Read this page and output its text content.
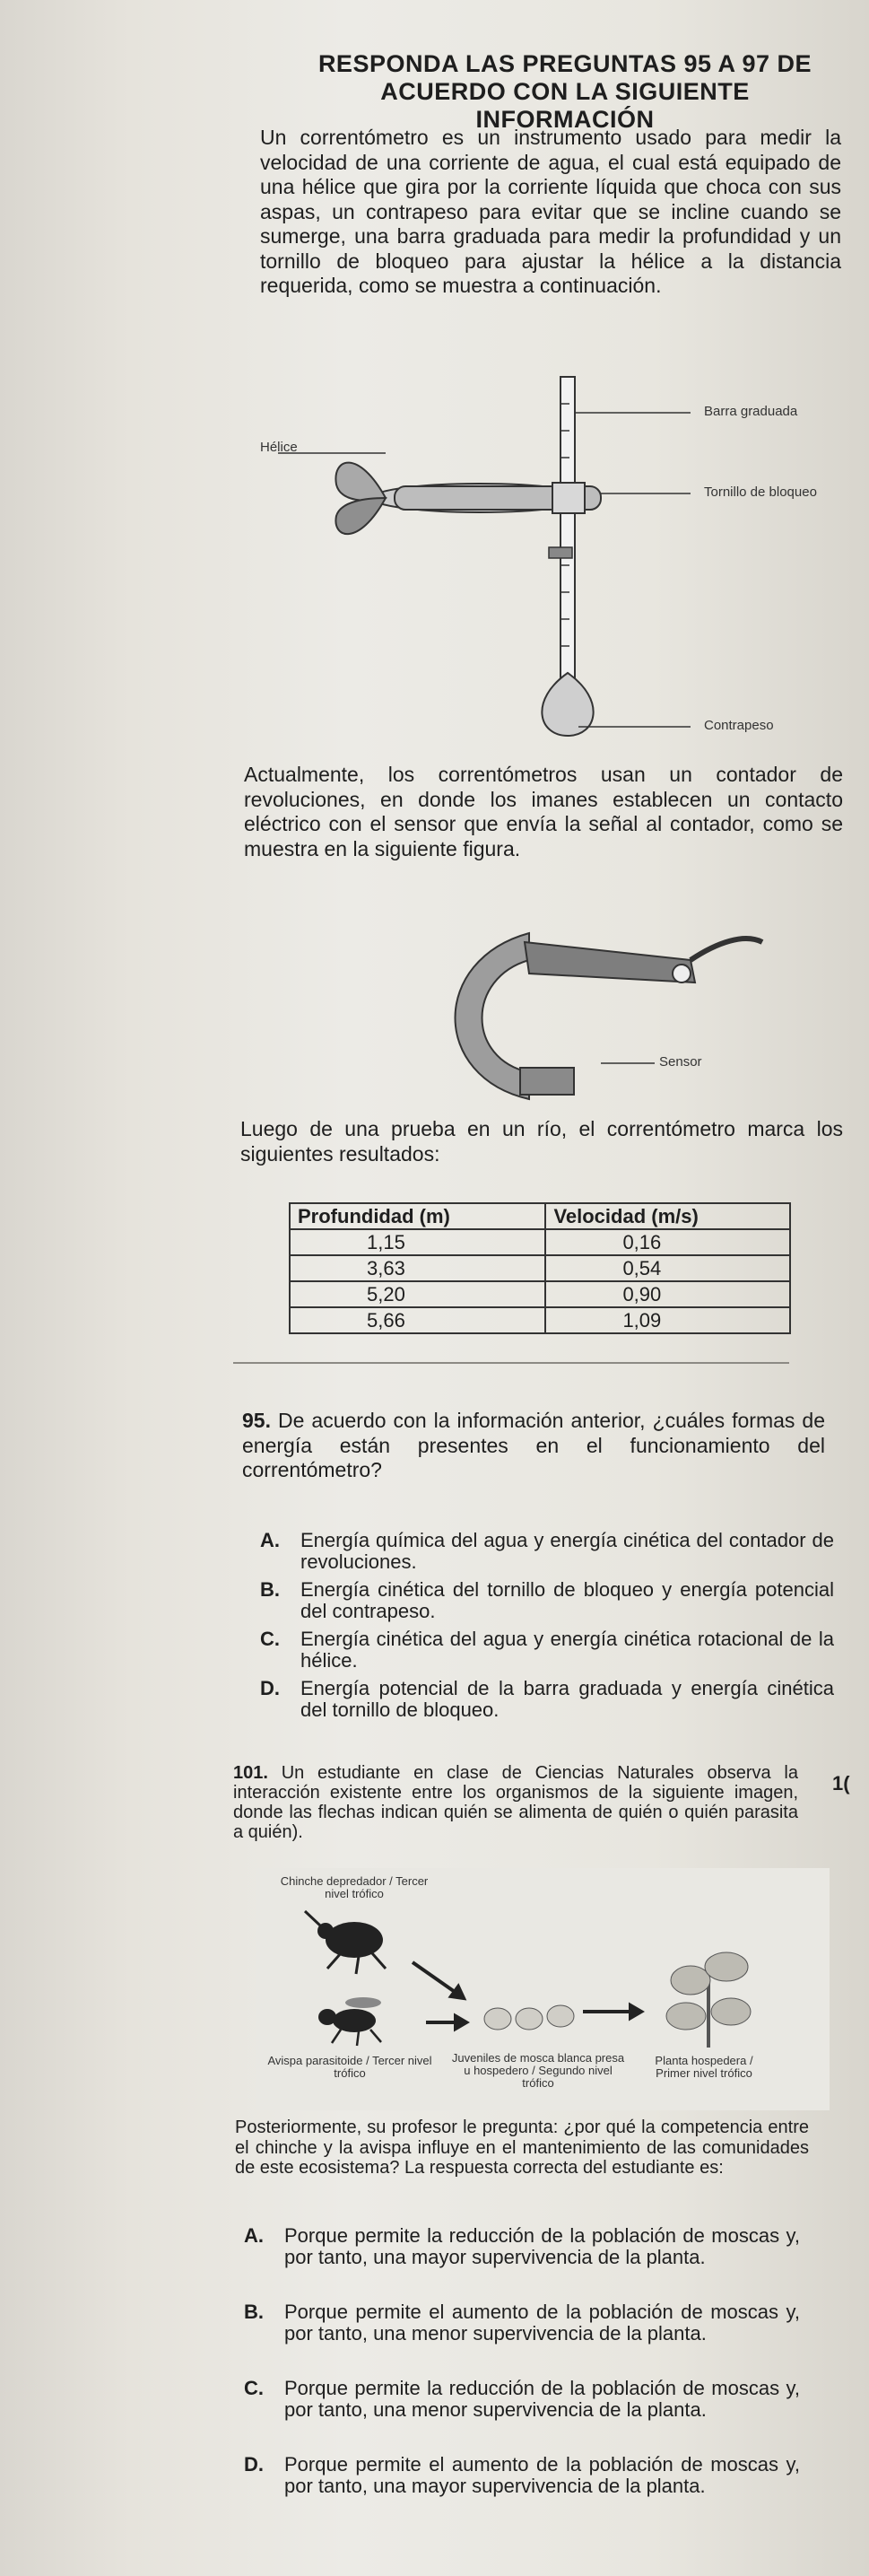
RESPONDA LAS PREGUNTAS 95 A 97 DE
ACUERDO CON LA SIGUIENTE INFORMACIÓN
Un correntómetro es un instrumento usado para medir la velocidad de una corriente de agua, el cual está equipado de una hélice que gira por la corriente líquida que choca con sus aspas, un contrapeso para evitar que se incline cuando se sumerge, una barra graduada para medir la profundidad y un tornillo de bloqueo para ajustar la hélice a la distancia requerida, como se muestra a continuación.
Barra graduada
Hélice
Tornillo de bloqueo
Contrapeso
Actualmente, los correntómetros usan un contador de revoluciones, en donde los imanes establecen un contacto eléctrico con el sensor que envía la señal al contador, como se muestra en la siguiente figura.
Sensor
Luego de una prueba en un río, el correntómetro marca los siguientes resultados:
Profundidad (m)	Velocidad (m/s)
1,15	0,16
3,63	0,54
5,20	0,90
5,66	1,09
95. De acuerdo con la información anterior, ¿cuáles formas de energía están presentes en el funcionamiento del correntómetro?
A. Energía química del agua y energía cinética del contador de revoluciones.
B. Energía cinética del tornillo de bloqueo y energía potencial del contrapeso.
C. Energía cinética del agua y energía cinética rotacional de la hélice.
D. Energía potencial de la barra graduada y energía cinética del tornillo de bloqueo.
101. Un estudiante en clase de Ciencias Naturales observa la interacción existente entre los organismos de la siguiente imagen, donde las flechas indican quién se alimenta de quién o quién parasita a quién).
1(
Chinche depredador / Tercer nivel trófico
Avispa parasitoide / Tercer nivel trófico
Juveniles de mosca blanca presa u hospedero / Segundo nivel trófico
Planta hospedera / Primer nivel trófico
Posteriormente, su profesor le pregunta: ¿por qué la competencia entre el chinche y la avispa influye en el mantenimiento de las comunidades de este ecosistema? La respuesta correcta del estudiante es:
A. Porque permite la reducción de la población de moscas y, por tanto, una mayor supervivencia de la planta.
B. Porque permite el aumento de la población de moscas y, por tanto, una menor supervivencia de la planta.
C. Porque permite la reducción de la población de moscas y, por tanto, una menor supervivencia de la planta.
D. Porque permite el aumento de la población de moscas y, por tanto, una mayor supervivencia de la planta.
